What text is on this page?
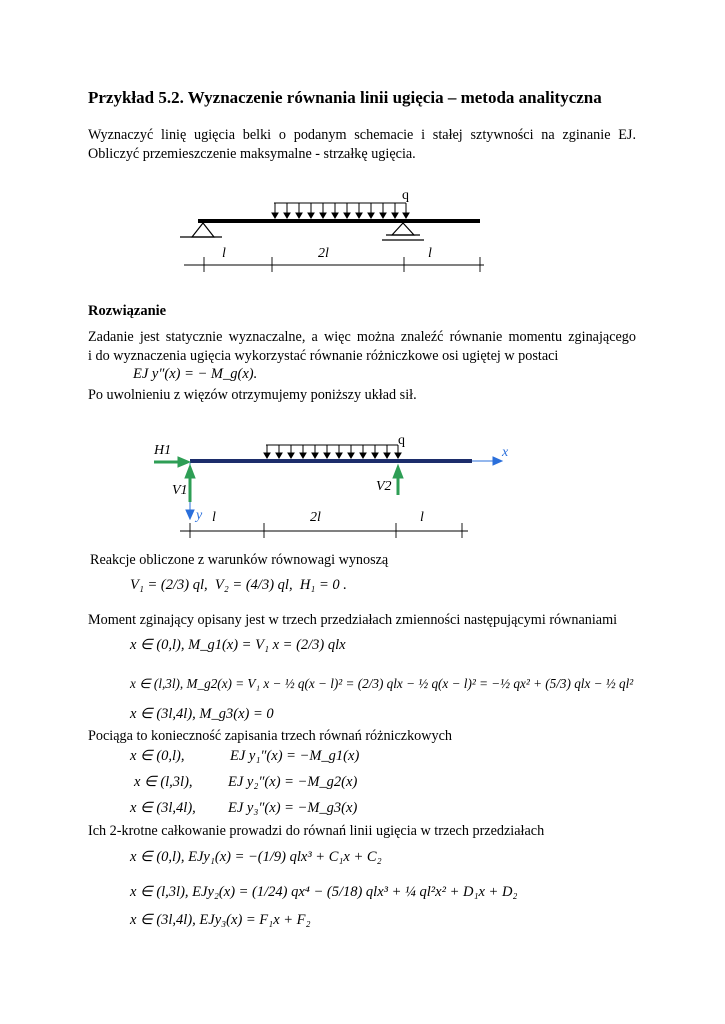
Przykład 5.2. Wyznaczenie równania linii ugięcia – metoda analityczna
Wyznaczyć linię ugięcia belki o podanym schemacie i stałej sztywności na zginanie EJ.
Obliczyć przemieszczenie maksymalne - strzałkę ugięcia.
q
l	2l	l
Rozwiązanie
Zadanie jest statycznie wyznaczalne, a więc można znaleźć równanie momentu zginającego
i do wyznaczenia ugięcia wykorzystać równanie różniczkowe osi ugiętej w postaci
EJ y″(x) = − M_g(x).
Po uwolnieniu z więzów otrzymujemy poniższy układ sił.
q
x
y
H1
V1	V2
l	2l	l
Reakcje obliczone z warunków równowagi wynoszą
V₁ = (2/3) ql,  V₂ = (4/3) ql,  H₁ = 0 .
Moment zginający opisany jest w trzech przedziałach zmienności następującymi równaniami
x ∈ (0,l), M_g1(x) = V₁ x = (2/3) qlx
x ∈ (l,3l), M_g2(x) = V₁ x − ½ q(x − l)² = (2/3) qlx − ½ q(x − l)² = −½ qx² + (5/3) qlx − ½ ql²
x ∈ (3l,4l), M_g3(x) = 0
Pociąga to konieczność zapisania trzech równań różniczkowych
x ∈ (0,l),	EJ y₁″(x) = −M_g1(x)
x ∈ (l,3l), EJ y₂″(x) = −M_g2(x)
x ∈ (3l,4l), EJ y₃″(x) = −M_g3(x)
Ich 2-krotne całkowanie prowadzi do równań linii ugięcia w trzech przedziałach
x ∈ (0,l), EJy₁(x) = −(1/9) qlx³ + C₁x + C₂
x ∈ (l,3l), EJy₂(x) = (1/24) qx⁴ − (5/18) qlx³ + ¼ ql²x² + D₁x + D₂
x ∈ (3l,4l), EJy₃(x) = F₁x + F₂
